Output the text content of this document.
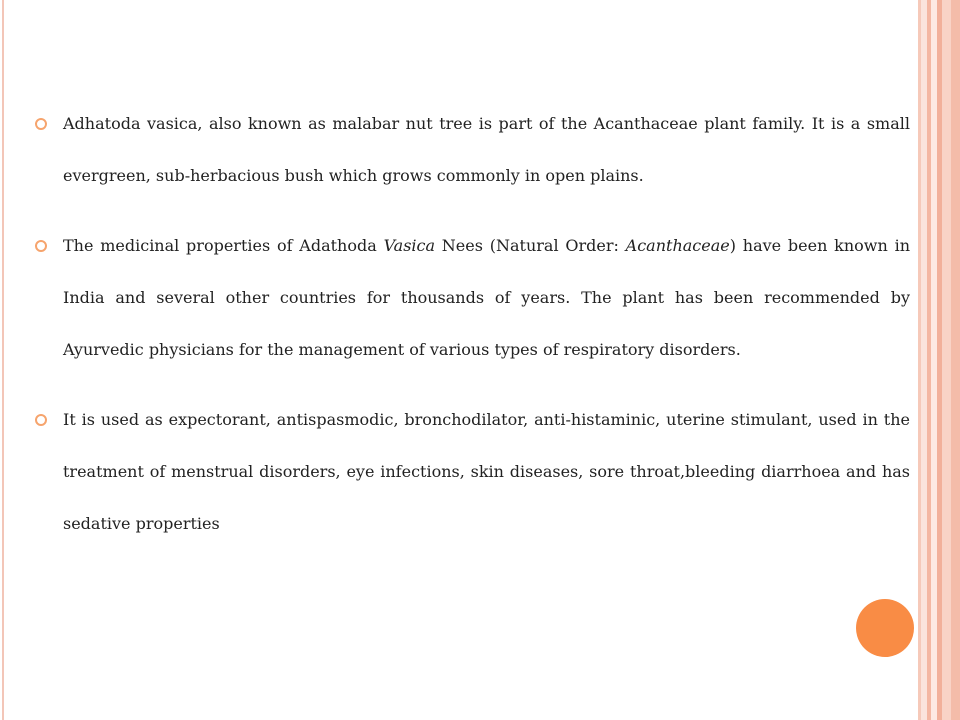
Adhatoda vasica, also known as malabar nut tree is part of the Acanthaceae plant family. It is a small evergreen, sub-herbacious bush which grows commonly in open plains.

The medicinal properties of Adathoda Vasica Nees (Natural Order: Acanthaceae) have been known in India and several other countries for thousands of years. The plant has been recommended by Ayurvedic physicians for the management of various types of respiratory disorders.

It is used as expectorant, antispasmodic, bronchodilator, anti-histaminic, uterine stimulant, used in the treatment of menstrual disorders, eye infections, skin diseases, sore throat,bleeding diarrhoea and has sedative properties
